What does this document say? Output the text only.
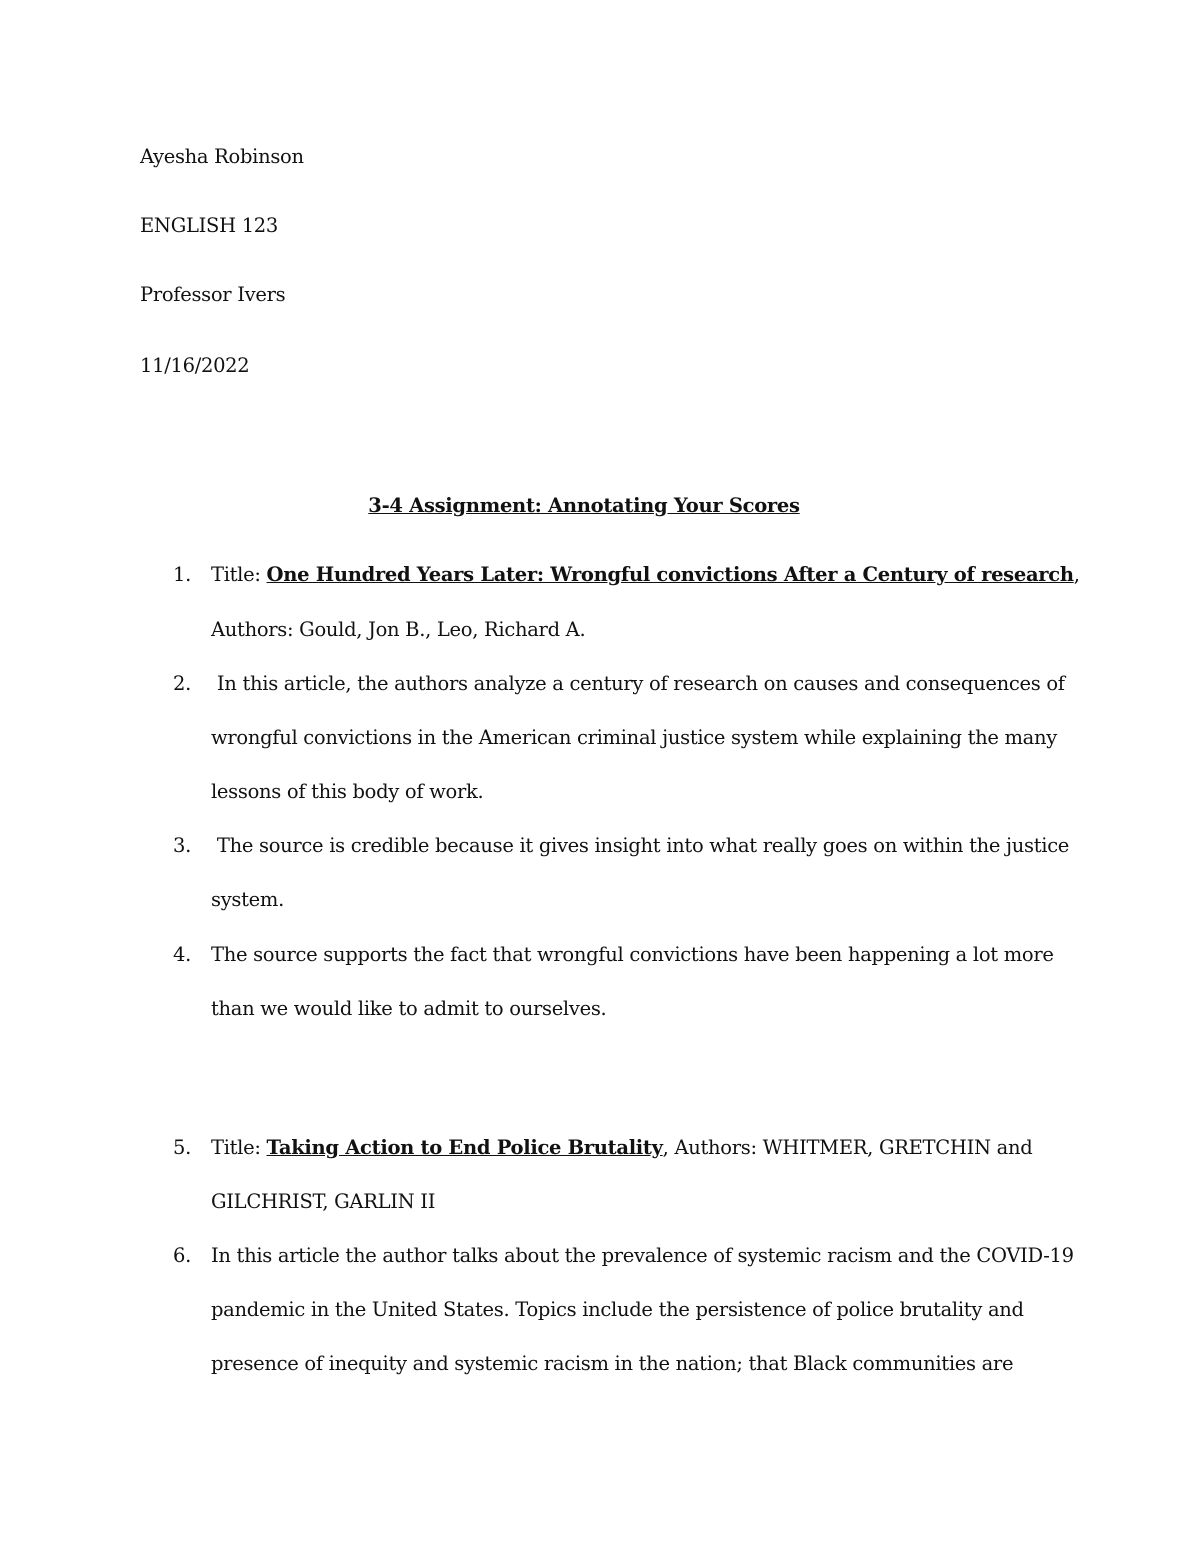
Ayesha Robinson
ENGLISH 123
Professor Ivers
11/16/2022
3-4 Assignment: Annotating Your Scores
1. Title: One Hundred Years Later: Wrongful convictions After a Century of research,
Authors: Gould, Jon B., Leo, Richard A.
2. In this article, the authors analyze a century of research on causes and consequences of
wrongful convictions in the American criminal justice system while explaining the many
lessons of this body of work.
3. The source is credible because it gives insight into what really goes on within the justice
system.
4. The source supports the fact that wrongful convictions have been happening a lot more
than we would like to admit to ourselves.
5. Title: Taking Action to End Police Brutality, Authors: WHITMER, GRETCHIN and
GILCHRIST, GARLIN II
6. In this article the author talks about the prevalence of systemic racism and the COVID-19
pandemic in the United States. Topics include the persistence of police brutality and
presence of inequity and systemic racism in the nation; that Black communities are
